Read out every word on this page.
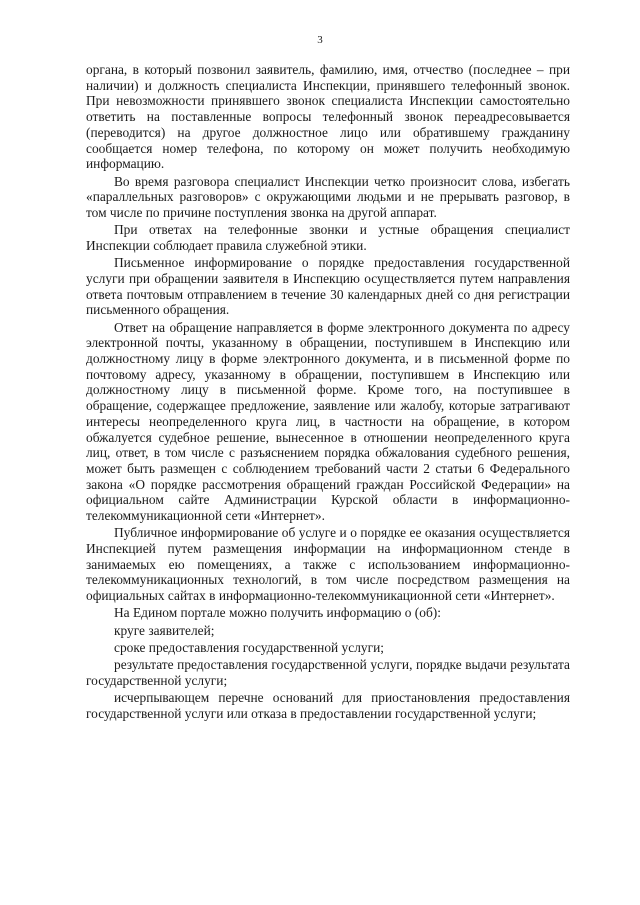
3

органа, в который позвонил заявитель, фамилию, имя, отчество (последнее – при наличии) и должность специалиста Инспекции, принявшего телефонный звонок. При невозможности принявшего звонок специалиста Инспекции самостоятельно ответить на поставленные вопросы телефонный звонок переадресовывается (переводится) на другое должностное лицо или обратившему гражданину сообщается номер телефона, по которому он может получить необходимую информацию.

Во время разговора специалист Инспекции четко произносит слова, избегать «параллельных разговоров» с окружающими людьми и не прерывать разговор, в том числе по причине поступления звонка на другой аппарат.

При ответах на телефонные звонки и устные обращения специалист Инспекции соблюдает правила служебной этики.

Письменное информирование о порядке предоставления государственной услуги при обращении заявителя в Инспекцию осуществляется путем направления ответа почтовым отправлением в течение 30 календарных дней со дня регистрации письменного обращения.

Ответ на обращение направляется в форме электронного документа по адресу электронной почты, указанному в обращении, поступившем в Инспекцию или должностному лицу в форме электронного документа, и в письменной форме по почтовому адресу, указанному в обращении, поступившем в Инспекцию или должностному лицу в письменной форме. Кроме того, на поступившее в обращение, содержащее предложение, заявление или жалобу, которые затрагивают интересы неопределенного круга лиц, в частности на обращение, в котором обжалуется судебное решение, вынесенное в отношении неопределенного круга лиц, ответ, в том числе с разъяснением порядка обжалования судебного решения, может быть размещен с соблюдением требований части 2 статьи 6 Федерального закона «О порядке рассмотрения обращений граждан Российской Федерации» на официальном сайте Администрации Курской области в информационно-телекоммуникационной сети «Интернет».

Публичное информирование об услуге и о порядке ее оказания осуществляется Инспекцией путем размещения информации на информационном стенде в занимаемых ею помещениях, а также с использованием информационно-телекоммуникационных технологий, в том числе посредством размещения на официальных сайтах в информационно-телекоммуникационной сети «Интернет».

На Едином портале можно получить информацию о (об):

круге заявителей;

сроке предоставления государственной услуги;

результате предоставления государственной услуги, порядке выдачи результата государственной услуги;

исчерпывающем перечне оснований для приостановления предоставления государственной услуги или отказа в предоставлении государственной услуги;
